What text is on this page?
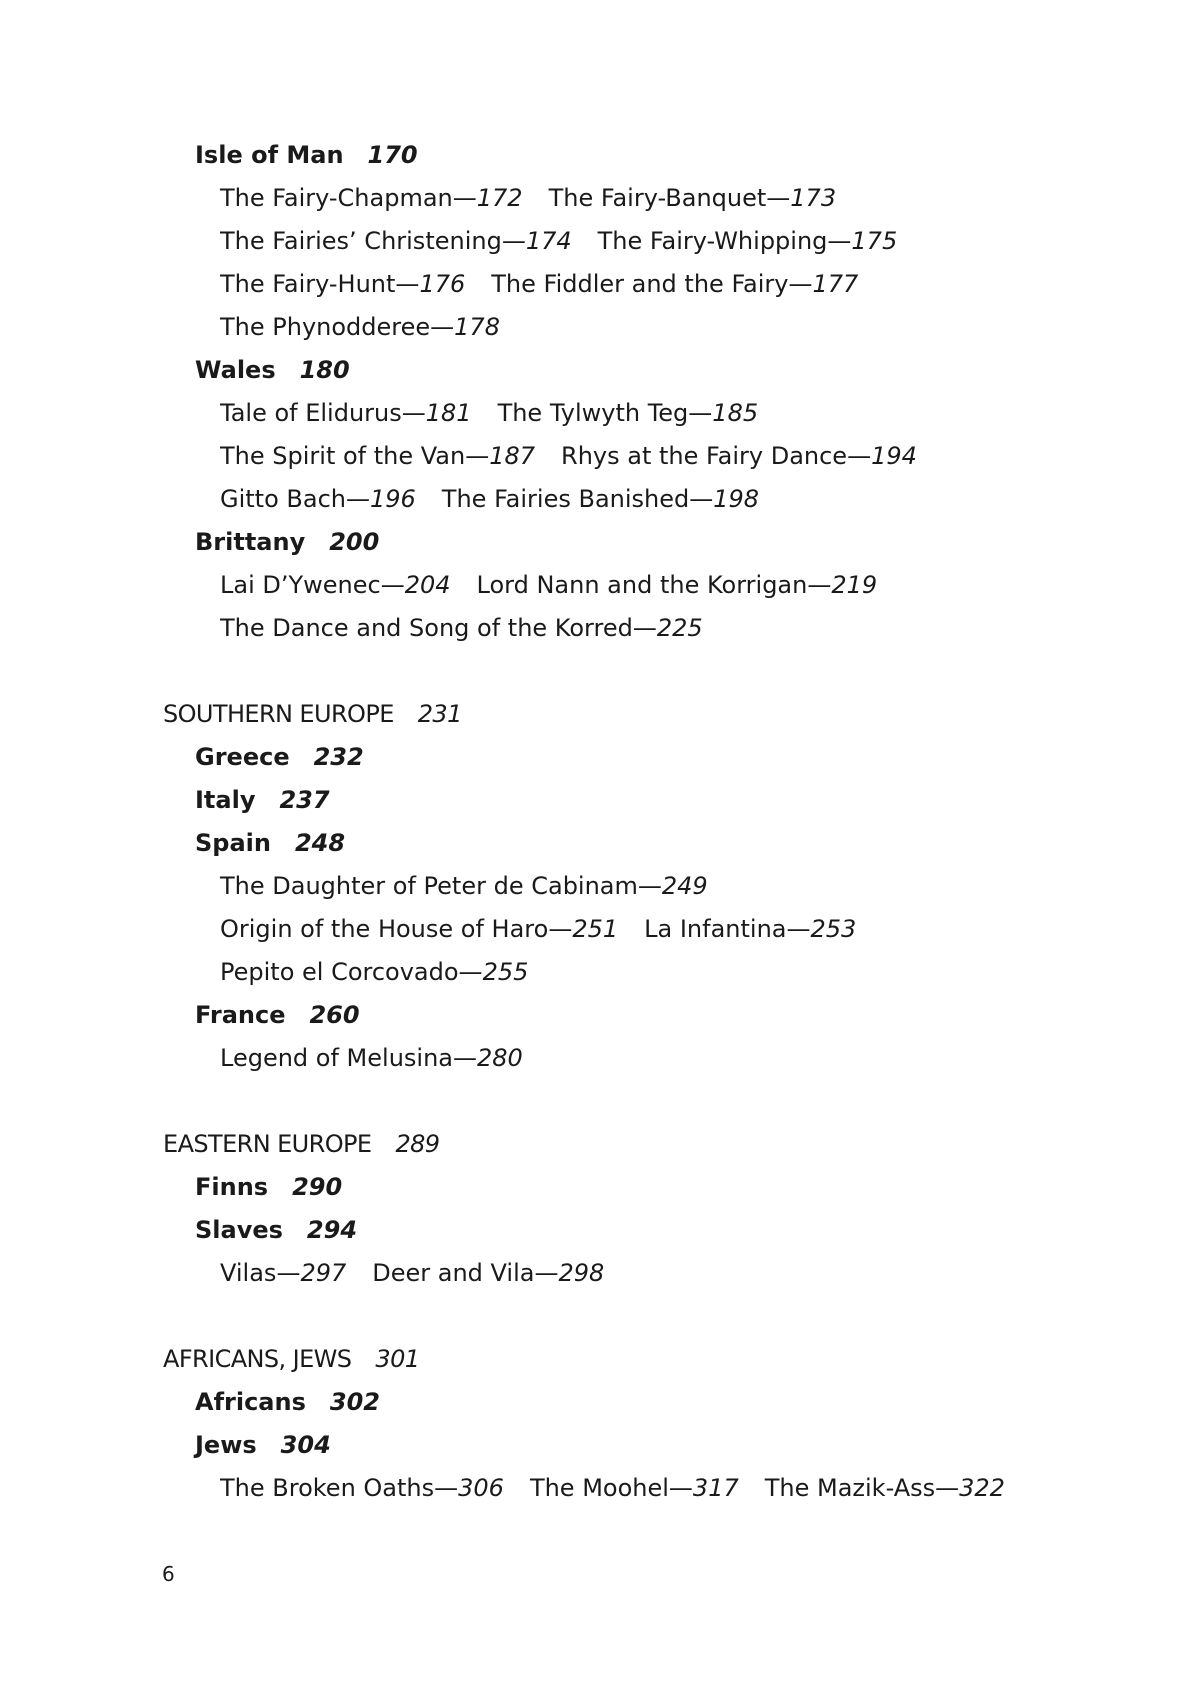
Isle of Man 170
The Fairy-Chapman—172 The Fairy-Banquet—173
The Fairies’ Christening—174 The Fairy-Whipping—175
The Fairy-Hunt—176 The Fiddler and the Fairy—177
The Phynodderee—178
Wales 180
Tale of Elidurus—181 The Tylwyth Teg—185
The Spirit of the Van—187 Rhys at the Fairy Dance—194
Gitto Bach—196 The Fairies Banished—198
Brittany 200
Lai D’Ywenec—204 Lord Nann and the Korrigan—219
The Dance and Song of the Korred—225
SOUTHERN EUROPE 231
Greece 232
Italy 237
Spain 248
The Daughter of Peter de Cabinam—249
Origin of the House of Haro—251 La Infantina—253
Pepito el Corcovado—255
France 260
Legend of Melusina—280
EASTERN EUROPE 289
Finns 290
Slaves 294
Vilas—297 Deer and Vila—298
AFRICANS, JEWS 301
Africans 302
Jews 304
The Broken Oaths—306 The Moohel—317 The Mazik-Ass—322
6
